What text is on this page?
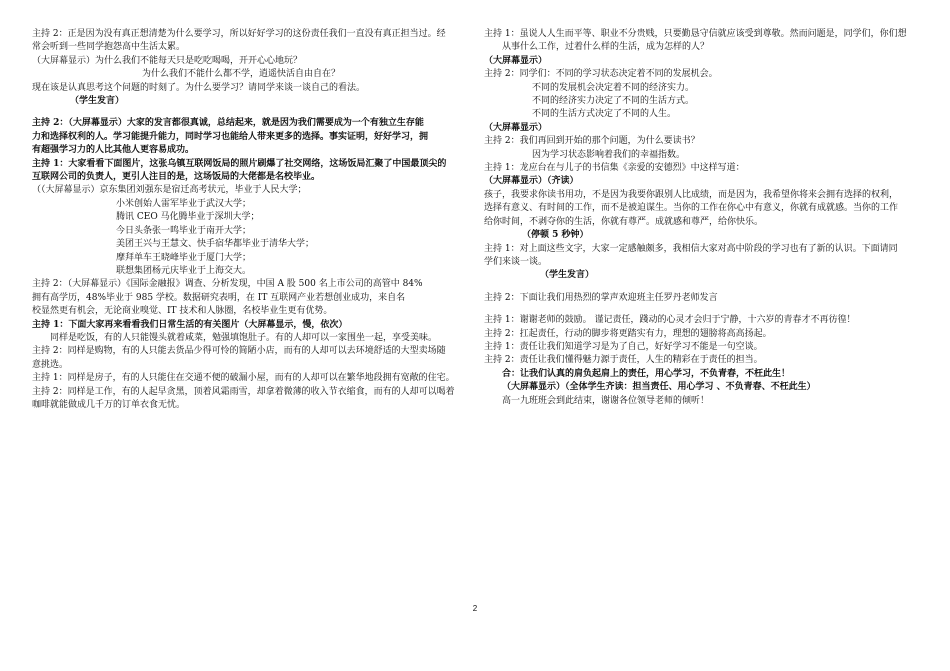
主持 2：正是因为没有真正想清楚为什么要学习，所以好好学习的这份责任我们一直没有真正担当过。经
常会听到一些同学抱怨高中生活太累。
（大屏幕显示）为什么我们不能每天只是吃吃喝喝，开开心心地玩？
为什么我们不能什么都不学，逍遥快活自由自在？
现在该是认真思考这个问题的时刻了。为什么要学习？请同学来谈一谈自己的看法。
（学生发言）
主持 2：（大屏幕显示）大家的发言都很真诚，总结起来，就是因为我们需要成为一个有独立生存能
力和选择权利的人。学习能提升能力，同时学习也能给人带来更多的选择。事实证明，好好学习，拥
有超强学习力的人比其他人更容易成功。
主持 1：大家看看下面图片，这张乌镇互联网饭局的照片刷爆了社交网络，这场饭局汇聚了中国最顶尖的
互联网公司的负责人，更引人注目的是，这场饭局的大佬都是名校毕业。
（（大屏幕显示）京东集团刘强东是宿迁高考状元，毕业于人民大学；
小米创始人雷军毕业于武汉大学；
腾讯 CEO 马化腾毕业于深圳大学；
今日头条张一鸣毕业于南开大学；
美团王兴与王慧文、快手宿华都毕业于清华大学；
摩拜单车王晓峰毕业于厦门大学；
联想集团杨元庆毕业于上海交大。
主持 2：（大屏幕显示）《国际金融报》调查、分析发现，中国 A 股 500 名上市公司的高管中 84%
拥有高学历，48%毕业于 985 学校。数据研究表明，在 IT 互联网产业若想创业成功，来自名
校显然更有机会，无论商业嗅觉、IT 技术和人脉圈，名校毕业生更有优势。
主持 1：下面大家再来看看我们日常生活的有关图片（大屏幕显示，慢，依次）
同样是吃饭，有的人只能馒头就着咸菜，勉强填饱肚子。有的人却可以一家围坐一起，享受美味。
主持 2：同样是购物，有的人只能去货品少得可怜的简陋小店，而有的人却可以去环境舒适的大型卖场随
意挑选。
主持 1：同样是房子，有的人只能住在交通不便的破漏小屋，而有的人却可以在繁华地段拥有宽敞的住宅。
主持 2：同样是工作，有的人起早贪黑，顶着风霜雨雪，却拿着微薄的收入节衣缩食，而有的人却可以喝着
咖啡就能做成几千万的订单衣食无忧。
主持 1：虽说人人生而平等、职业不分贵贱，只要勤恳守信就应该受到尊敬。然而问题是，同学们，你们想
从事什么工作，过着什么样的生活，成为怎样的人？
（大屏幕显示）
主持 2：同学们：不同的学习状态决定着不同的发展机会。
不同的发展机会决定着不同的经济实力。
不同的经济实力决定了不同的生活方式。
不同的生活方式决定了不同的人生。
（大屏幕显示）
主持 2：我们再回到开始的那个问题，为什么要读书？
因为学习状态影响着我们的幸福指数。
主持 1：龙应台在与儿子的书信集《亲爱的安德烈》中这样写道：
（大屏幕显示）（齐读）
孩子，我要求你读书用功，不是因为我要你跟别人比成绩，而是因为，我希望你将来会拥有选择的权利，
选择有意义、有时间的工作，而不是被迫谋生。当你的工作在你心中有意义，你就有成就感。当你的工作
给你时间，不剥夺你的生活，你就有尊严。成就感和尊严，给你快乐。
（停顿 5 秒钟）
主持 1：对上面这些文字，大家一定感触颇多，我相信大家对高中阶段的学习也有了新的认识。下面请同
学们来谈一谈。
（学生发言）
主持 2：下面让我们用热烈的掌声欢迎班主任罗丹老师发言
主持 1：谢谢老师的鼓励。 谨记责任，踐动的心灵才会归于宁静，十六岁的青春才不再彷徨！
主持 2：扛起责任，行动的脚步将更踏实有力，理想的翅膀将高高扬起。
主持 1：责任让我们知道学习是为了自己，好好学习不能是一句空谈。
主持 2：责任让我们懂得魅力源于责任，人生的精彩在于责任的担当。
合：让我们认真的肩负起肩上的责任，用心学习，不负青春，不枉此生！
（大屏幕显示）（全体学生齐读：担当责任、用心学习 、不负青春、不枉此生）
高一九班班会到此结束，谢谢各位领导老师的倾听！
2
